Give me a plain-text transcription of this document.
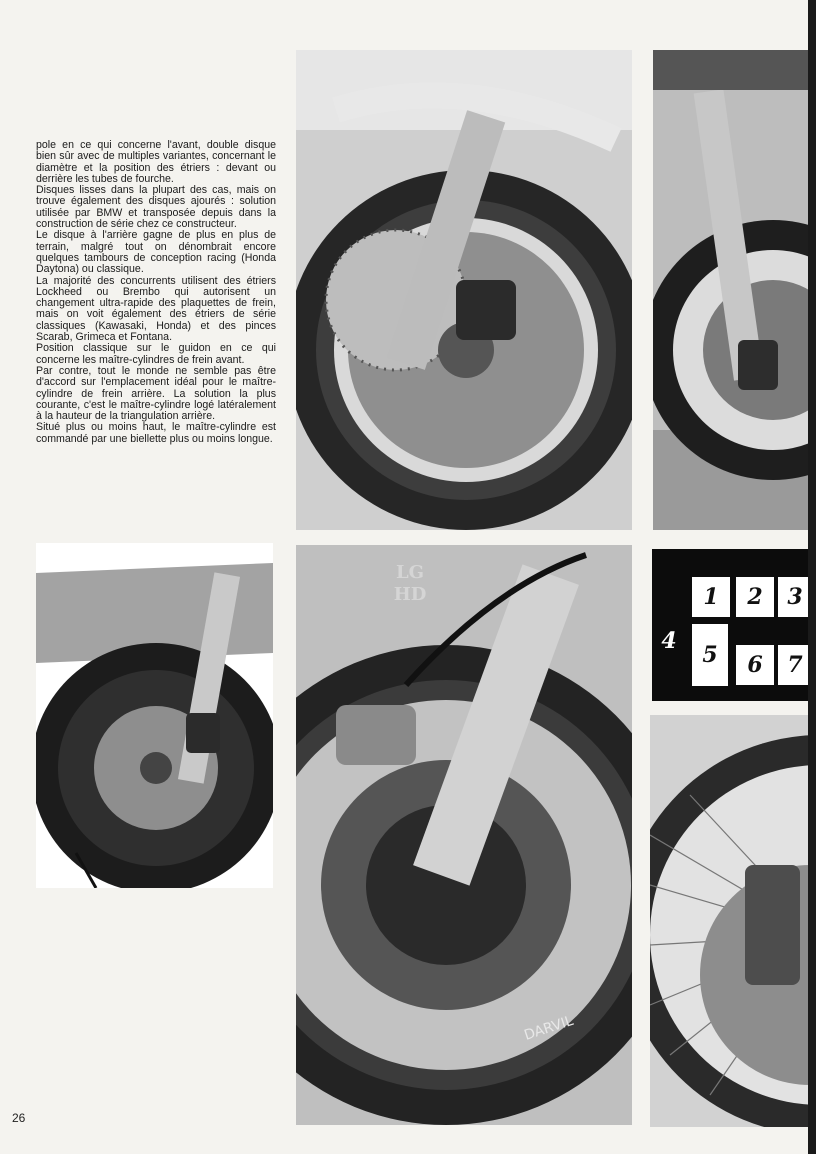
pole en ce qui concerne l'avant, double disque bien sûr avec de multiples variantes, concernant le diamètre et la position des étriers : devant ou derrière les tubes de fourche.

Disques lisses dans la plupart des cas, mais on trouve également des disques ajourés : solution utilisée par BMW et transposée depuis dans la construction de série chez ce constructeur.

Le disque à l'arrière gagne de plus en plus de terrain, malgré tout on dénombrait encore quelques tambours de conception racing (Honda Daytona) ou classique.

La majorité des concurrents utilisent des étriers Lockheed ou Brembo qui autorisent un changement ultra-rapide des plaquettes de frein, mais on voit également des étriers de série classiques (Kawasaki, Honda) et des pinces Scarab, Grimeca et Fontana.

Position classique sur le guidon en ce qui concerne les maître-cylindres de frein avant.

Par contre, tout le monde ne semble pas être d'accord sur l'emplacement idéal pour le maître-cylindre de frein arrière. La solution la plus courante, c'est le maître-cylindre logé latéralement à la hauteur de la triangulation arrière.

Situé plus ou moins haut, le maître-cylindre est commandé par une biellette plus ou moins longue.

1	2	3
4
5	6	7
DARVIL
LG
HD
26
